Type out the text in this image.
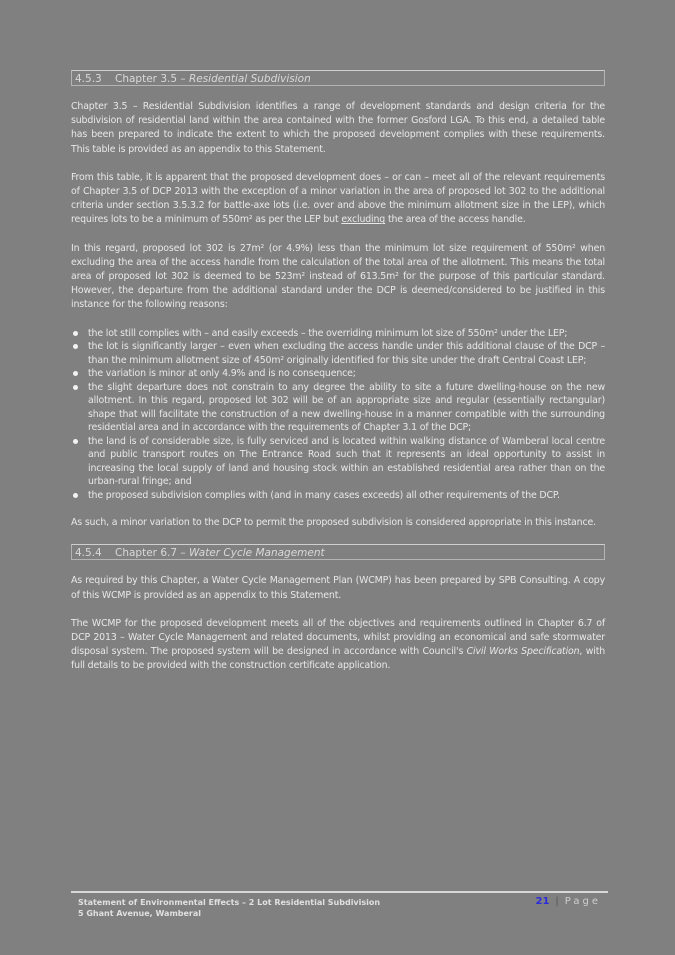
4.5.3 Chapter 3.5 – Residential Subdivision

Chapter 3.5 – Residential Subdivision identifies a range of development standards and design criteria for the subdivision of residential land within the area contained with the former Gosford LGA. To this end, a detailed table has been prepared to indicate the extent to which the proposed development complies with these requirements. This table is provided as an appendix to this Statement.

From this table, it is apparent that the proposed development does – or can – meet all of the relevant requirements of Chapter 3.5 of DCP 2013 with the exception of a minor variation in the area of proposed lot 302 to the additional criteria under section 3.5.3.2 for battle-axe lots (i.e. over and above the minimum allotment size in the LEP), which requires lots to be a minimum of 550m² as per the LEP but excluding the area of the access handle.

In this regard, proposed lot 302 is 27m² (or 4.9%) less than the minimum lot size requirement of 550m² when excluding the area of the access handle from the calculation of the total area of the allotment. This means the total area of proposed lot 302 is deemed to be 523m² instead of 613.5m² for the purpose of this particular standard. However, the departure from the additional standard under the DCP is deemed/considered to be justified in this instance for the following reasons:

the lot still complies with – and easily exceeds – the overriding minimum lot size of 550m² under the LEP;
the lot is significantly larger – even when excluding the access handle under this additional clause of the DCP – than the minimum allotment size of 450m² originally identified for this site under the draft Central Coast LEP;
the variation is minor at only 4.9% and is no consequence;
the slight departure does not constrain to any degree the ability to site a future dwelling-house on the new allotment. In this regard, proposed lot 302 will be of an appropriate size and regular (essentially rectangular) shape that will facilitate the construction of a new dwelling-house in a manner compatible with the surrounding residential area and in accordance with the requirements of Chapter 3.1 of the DCP;
the land is of considerable size, is fully serviced and is located within walking distance of Wamberal local centre and public transport routes on The Entrance Road such that it represents an ideal opportunity to assist in increasing the local supply of land and housing stock within an established residential area rather than on the urban-rural fringe; and
the proposed subdivision complies with (and in many cases exceeds) all other requirements of the DCP.

As such, a minor variation to the DCP to permit the proposed subdivision is considered appropriate in this instance.

4.5.4 Chapter 6.7 – Water Cycle Management

As required by this Chapter, a Water Cycle Management Plan (WCMP) has been prepared by SPB Consulting. A copy of this WCMP is provided as an appendix to this Statement.

The WCMP for the proposed development meets all of the objectives and requirements outlined in Chapter 6.7 of DCP 2013 – Water Cycle Management and related documents, whilst providing an economical and safe stormwater disposal system. The proposed system will be designed in accordance with Council's Civil Works Specification, with full details to be provided with the construction certificate application.

Statement of Environmental Effects – 2 Lot Residential Subdivision
5 Ghant Avenue, Wamberal
21 | Page
